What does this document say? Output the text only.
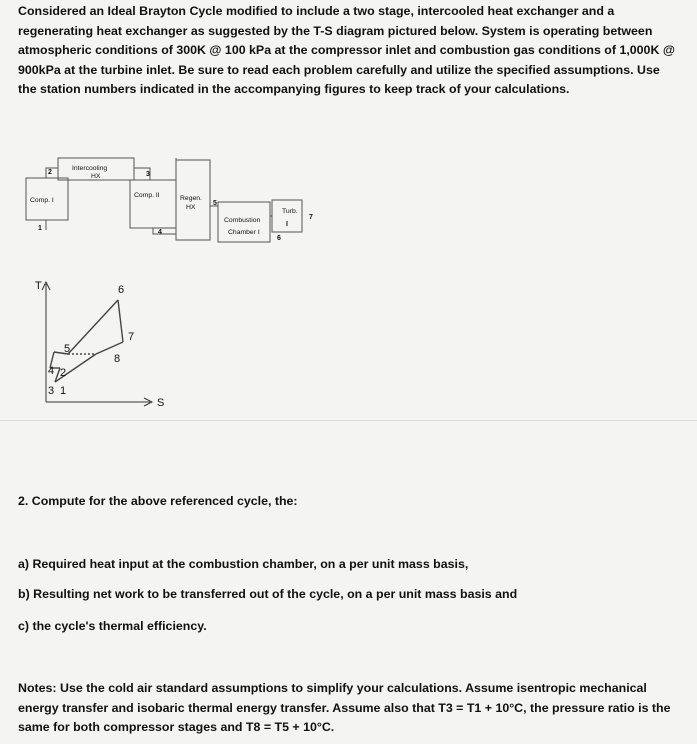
Considered an Ideal Brayton Cycle modified to include a two stage, intercooled heat exchanger and a regenerating heat exchanger as suggested by the T-S diagram pictured below. System is operating between atmospheric conditions of 300K @ 100 kPa at the compressor inlet and combustion gas conditions of 1,000K @ 900kPa at the turbine inlet. Be sure to read each problem carefully and utilize the specified assumptions. Use the station numbers indicated in the accompanying figures to keep track of your calculations.
Intercooling
HX
Comp. I
Comp. II	Regen.
HX
Turb.
Combustion
Chamber I
2	3
1
4
5
6
I
7
T
S
6
7
5
8
4 2
3 1
2. Compute for the above referenced cycle, the:
a) Required heat input at the combustion chamber, on a per unit mass basis,
b) Resulting net work to be transferred out of the cycle, on a per unit mass basis and
c) the cycle's thermal efficiency.
Notes: Use the cold air standard assumptions to simplify your calculations. Assume isentropic mechanical energy transfer and isobaric thermal energy transfer. Assume also that T3 = T1 + 10°C, the pressure ratio is the same for both compressor stages and T8 = T5 + 10°C.
